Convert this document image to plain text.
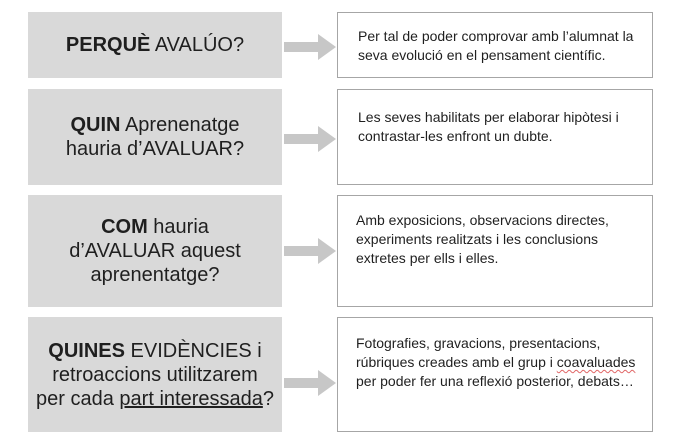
PERQUÈ AVALÚO?	Per tal de poder comprovar amb l’alumnat la seva evolució en el pensament científic.
QUIN Aprenenatge hauria d’AVALUAR?
Les seves habilitats per elaborar hipòtesi i contrastar-les enfront un dubte.
COM hauria d’AVALUAR aquest aprenentatge?
Amb exposicions, observacions directes, experiments realitzats i les conclusions extretes per ells i elles.
QUINES EVIDÈNCIES i retroaccions utilitzarem per cada part interessada?
Fotografies, gravacions, presentacions, rúbriques creades amb el grup i coavaluades per poder fer una reflexió posterior, debats…
